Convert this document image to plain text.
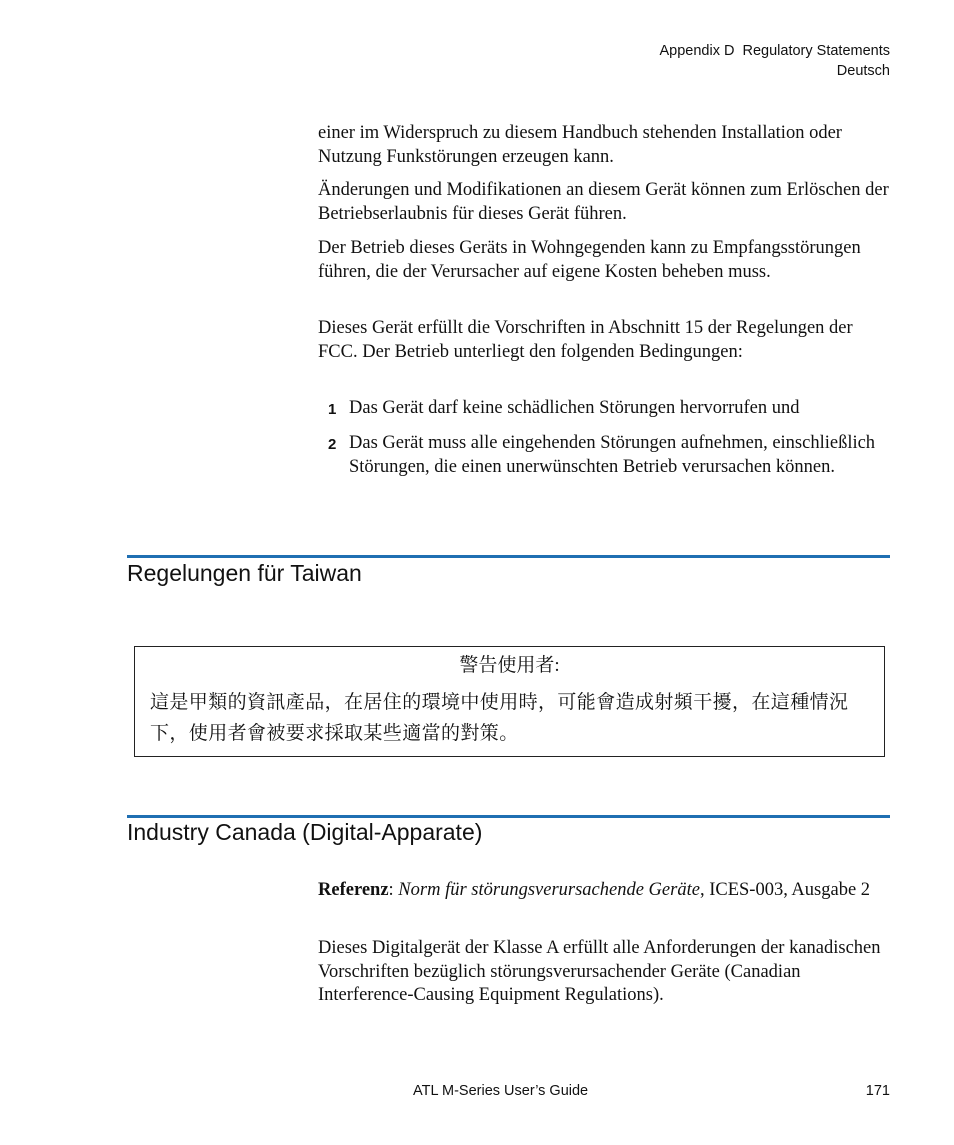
Appendix D  Regulatory Statements
Deutsch

einer im Widerspruch zu diesem Handbuch stehenden Installation oder Nutzung Funkstörungen erzeugen kann.

Änderungen und Modifikationen an diesem Gerät können zum Erlöschen der Betriebserlaubnis für dieses Gerät führen.

Der Betrieb dieses Geräts in Wohngegenden kann zu Empfangsstörungen führen, die der Verursacher auf eigene Kosten beheben muss.

Dieses Gerät erfüllt die Vorschriften in Abschnitt 15 der Regelungen der FCC. Der Betrieb unterliegt den folgenden Bedingungen:

1 Das Gerät darf keine schädlichen Störungen hervorrufen und
2 Das Gerät muss alle eingehenden Störungen aufnehmen, einschließlich Störungen, die einen unerwünschten Betrieb verursachen können.
Regelungen für Taiwan
警告使用者:
這是甲類的資訊產品，在居住的環境中使用時，可能會造成射頻干擾，在這種情況下，使用者會被要求採取某些適當的對策。
Industry Canada (Digital-Apparate)

Referenz: Norm für störungsverursachende Geräte, ICES-003, Ausgabe 2

Dieses Digitalgerät der Klasse A erfüllt alle Anforderungen der kanadischen Vorschriften bezüglich störungsverursachender Geräte (Canadian Interference-Causing Equipment Regulations).

ATL M-Series User’s Guide	171
